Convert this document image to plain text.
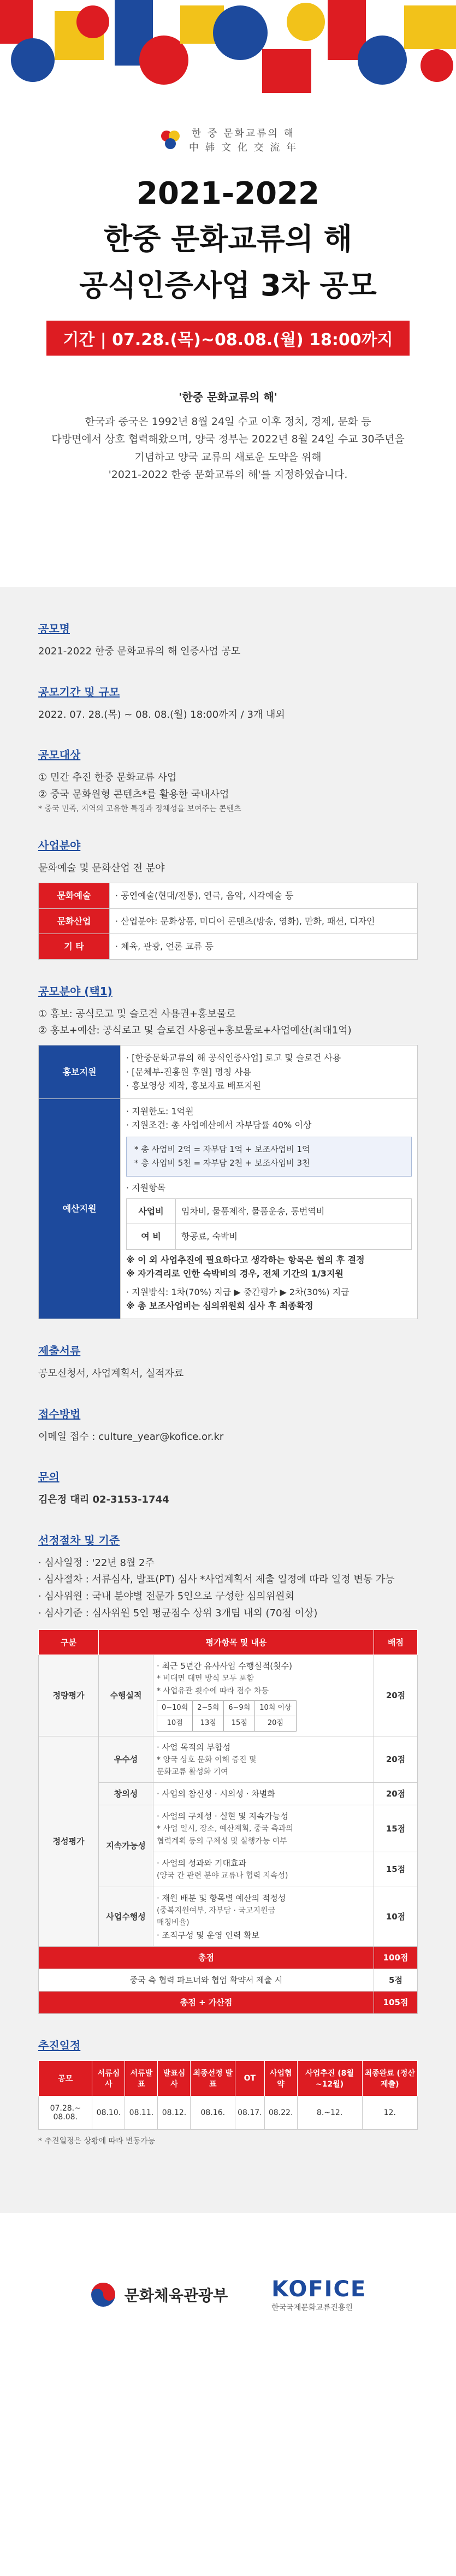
한 중 문화교류의 해
中 韩 文 化 交 流 年
2021-2022
한중 문화교류의 해
공식인증사업 3차 공모
기간 | 07.28.(목)~08.08.(월) 18:00까지
'한중 문화교류의 해'

한국과 중국은 1992년 8월 24일 수교 이후 정치, 경제, 문화 등

다방면에서 상호 협력해왔으며, 양국 정부는 2022년 8월 24일 수교 30주년을

기념하고 양국 교류의 새로운 도약을 위해

'2021-2022 한중 문화교류의 해'를 지정하였습니다.

공모명
2021-2022 한중 문화교류의 해 인증사업 공모
공모기간 및 규모
2022. 07. 28.(목) ~ 08. 08.(월) 18:00까지 / 3개 내외
공모대상
① 민간 추진 한중 문화교류 사업
② 중국 문화원형 콘텐츠*를 활용한 국내사업
* 중국 민족, 지역의 고유한 특징과 정체성을 보여주는 콘텐츠
사업분야
문화예술 및 문화산업 전 분야
문화예술	· 공연예술(현대/전통), 연극, 음악, 시각예술 등
문화산업	· 산업분야: 문화상품, 미디어 콘텐츠(방송, 영화), 만화, 패션, 디자인
기 타	· 체육, 관광, 언론 교류 등
공모분야 (택1)
① 홍보: 공식로고 및 슬로건 사용권+홍보물로
② 홍보+예산: 공식로고 및 슬로건 사용권+홍보물로+사업예산(최대1억)
홍보지원	
· [한중문화교류의 해 공식인증사업] 로고 및 슬로건 사용
· [문체부-진흥원 후원] 명칭 사용
· 홍보영상 제작, 홍보자료 배포지원

예산지원	
· 지원한도: 1억원
· 지원조건: 총 사업예산에서 자부담률 40% 이상
* 총 사업비 2억 = 자부담 1억 + 보조사업비 1억
* 총 사업비 5천 = 자부담 2천 + 보조사업비 3천
· 지원항목
사업비	임차비, 물품제작, 물품운송, 통번역비
여 비	항공료, 숙박비
※ 이 외 사업추진에 필요하다고 생각하는 항목은 협의 후 결정
※ 자가격리로 인한 숙박비의 경우, 전체 기간의 1/3지원
· 지원방식: 1차(70%) 지급 ▶ 중간평가 ▶ 2차(30%) 지급
※ 총 보조사업비는 심의위원회 심사 후 최종확정
제출서류
공모신청서, 사업계획서, 실적자료
접수방법
이메일 접수 : culture_year@kofice.or.kr
문의
김은정 대리 02-3153-1744
선정절차 및 기준
· 심사일정 : '22년 8월 2주
· 심사절차 : 서류심사, 발표(PT) 심사 *사업계획서 제출 일정에 따라 일정 변동 가능
· 심사위원 : 국내 분야별 전문가 5인으로 구성한 심의위원회
· 심사기준 : 심사위원 5인 평균점수 상위 3개팀 내외 (70점 이상)
구분	평가항목 및 내용	배점
정량평가	수행실적	
· 최근 5년간 유사사업 수행실적(횟수)
* 비대면 대면 방식 모두 포함
* 사업유관 횟수에 따라 점수 차등
0~10회	2~5회	6~9회	10회 이상
10점	13점	15점	20점
	20점
정성평가	우수성	
· 사업 목적의 부합성
* 양국 상호 문화 이해 증진 및
문화교류 활성화 기여
	20점
창의성	· 사업의 참신성 · 시의성 · 차별화	20점
지속가능성	
· 사업의 구체성 · 실현 및 지속가능성
* 사업 일시, 장소, 예산계획, 중국 측과의
협력계획 등의 구체성 및 실행가능 여부
	15점

· 사업의 성과와 기대효과
(양국 간 관련 분야 교류나 협력 지속성)
	15점
사업수행성	
· 재원 배분 및 항목별 예산의 적정성
(중복지원여부, 자부담 · 국고지원금
매칭비율)
· 조직구성 및 운영 인력 확보
	10점
총점	100점
중국 측 협력 파트너와 협업 확약서 제출 시	5점
총점 + 가산점	105점
추진일정
공모	서류심사	서류발표	발표심사	최종선정 발표	OT	사업협약	사업추진 (8월~12월)	최종완료 (정산제출)
07.28.~ 08.08.	08.10.	08.11.	08.12.	08.16.	08.17.	08.22.	8.~12.	12.
* 추진일정은 상황에 따라 변동가능
문화체육관광부 KOFICE
한국국제문화교류진흥원
